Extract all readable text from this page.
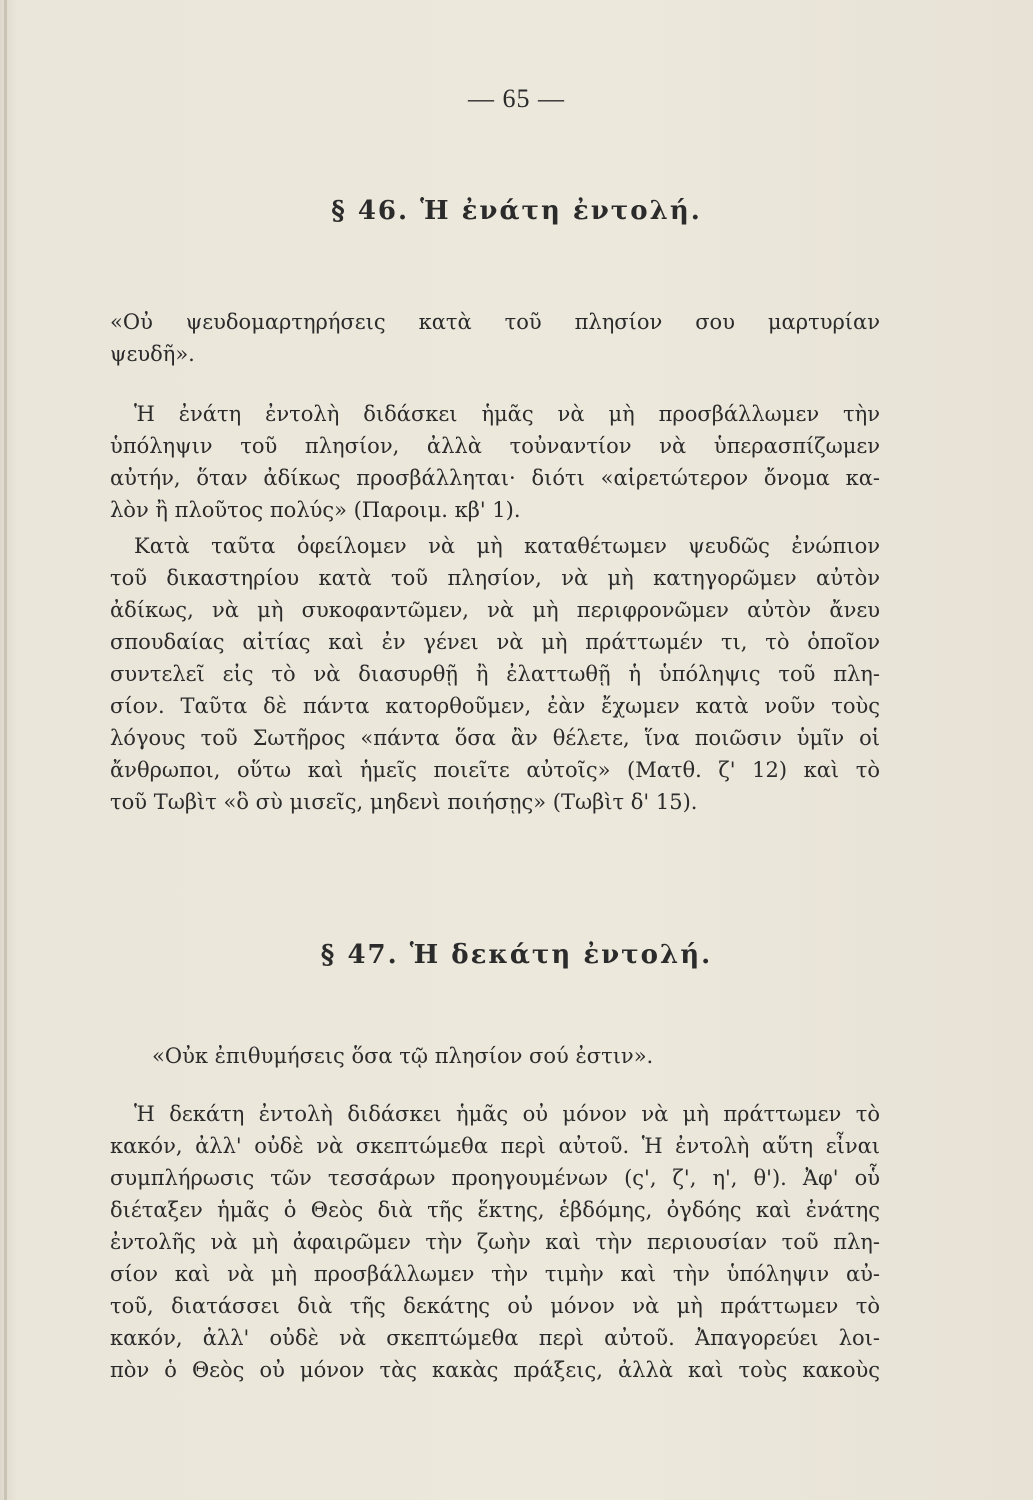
— 65 —
§ 46. Ἡ ἐνάτη ἐντολή.
«Οὐ ψευδομαρτηρήσεις κατὰ τοῦ πλησίον σου μαρτυρίαν
ψευδῆ».
Ἡ ἐνάτη ἐντολὴ διδάσκει ἡμᾶς νὰ μὴ προσβάλλωμεν τὴν
ὑπόληψιν τοῦ πλησίον, ἀλλὰ τοὐναντίον νὰ ὑπερασπίζωμεν
αὐτήν, ὅταν ἀδίκως προσβάλληται· διότι «αἱρετώτερον ὄνομα κα-
λὸν ἢ πλοῦτος πολύς» (Παροιμ. κβ' 1).
Κατὰ ταῦτα ὀφείλομεν νὰ μὴ καταθέτωμεν ψευδῶς ἐνώπιον
τοῦ δικαστηρίου κατὰ τοῦ πλησίον, νὰ μὴ κατηγορῶμεν αὐτὸν
ἀδίκως, νὰ μὴ συκοφαντῶμεν, νὰ μὴ περιφρονῶμεν αὐτὸν ἄνευ
σπουδαίας αἰτίας καὶ ἐν γένει νὰ μὴ πράττωμέν τι, τὸ ὁποῖον
συντελεῖ εἰς τὸ νὰ διασυρθῇ ἢ ἐλαττωθῇ ἡ ὑπόληψις τοῦ πλη-
σίον. Ταῦτα δὲ πάντα κατορθοῦμεν, ἐὰν ἔχωμεν κατὰ νοῦν τοὺς
λόγους τοῦ Σωτῆρος «πάντα ὅσα ἂν θέλετε, ἵνα ποιῶσιν ὑμῖν οἱ
ἄνθρωποι, οὕτω καὶ ἡμεῖς ποιεῖτε αὐτοῖς» (Ματθ. ζ' 12) καὶ τὸ
τοῦ Τωβὶτ «ὃ σὺ μισεῖς, μηδενὶ ποιήσῃς» (Τωβὶτ δ' 15).
§ 47. Ἡ δεκάτη ἐντολή.
«Οὐκ ἐπιθυμήσεις ὅσα τῷ πλησίον σού ἐστιν».
Ἡ δεκάτη ἐντολὴ διδάσκει ἡμᾶς οὐ μόνον νὰ μὴ πράττωμεν τὸ
κακόν, ἀλλ' οὐδὲ νὰ σκεπτώμεθα περὶ αὐτοῦ. Ἡ ἐντολὴ αὕτη εἶναι
συμπλήρωσις τῶν τεσσάρων προηγουμένων (ς', ζ', η', θ'). Ἀφ' οὗ
διέταξεν ἡμᾶς ὁ Θεὸς διὰ τῆς ἕκτης, ἑβδόμης, ὀγδόης καὶ ἐνάτης
ἐντολῆς νὰ μὴ ἀφαιρῶμεν τὴν ζωὴν καὶ τὴν περιουσίαν τοῦ πλη-
σίον καὶ νὰ μὴ προσβάλλωμεν τὴν τιμὴν καὶ τὴν ὑπόληψιν αὐ-
τοῦ, διατάσσει διὰ τῆς δεκάτης οὐ μόνον νὰ μὴ πράττωμεν τὸ
κακόν, ἀλλ' οὐδὲ νὰ σκεπτώμεθα περὶ αὐτοῦ. Ἀπαγορεύει λοι-
πὸν ὁ Θεὸς οὐ μόνον τὰς κακὰς πράξεις, ἀλλὰ καὶ τοὺς κακοὺς
